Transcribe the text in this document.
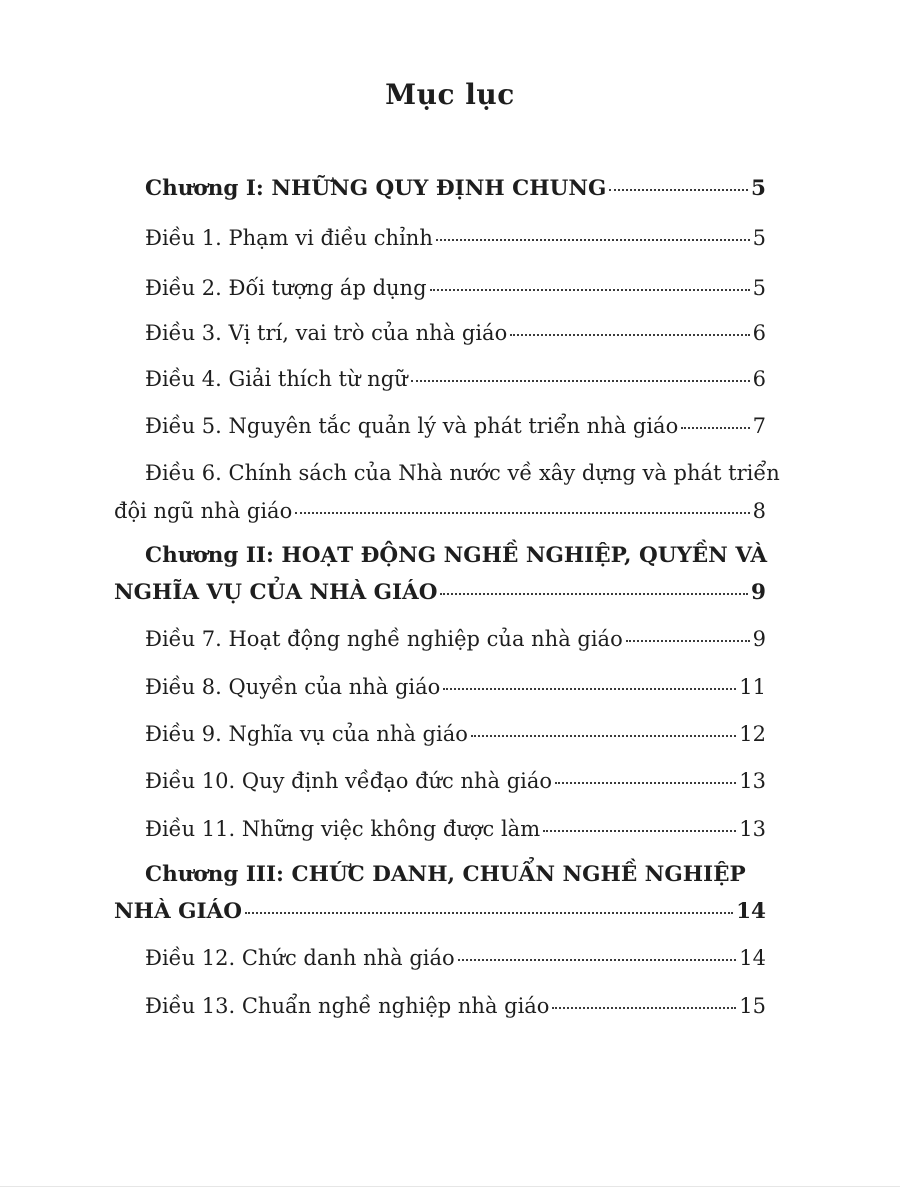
Mục lục
Chương I: NHỮNG QUY ĐỊNH CHUNG	5
Điều 1. Phạm vi điều chỉnh	5
Điều 2. Đối tượng áp dụng	5
Điều 3. Vị trí, vai trò của nhà giáo	6
Điều 4. Giải thích từ ngữ	6
Điều 5. Nguyên tắc quản lý và phát triển nhà giáo	7
Điều 6. Chính sách của Nhà nước về xây dựng và phát triển
đội ngũ nhà giáo	8
Chương II: HOẠT ĐỘNG NGHỀ NGHIỆP, QUYỀN VÀ
NGHĨA VỤ CỦA NHÀ GIÁO	9
Điều 7. Hoạt động nghề nghiệp của nhà giáo	9
Điều 8. Quyền của nhà giáo	11
Điều 9. Nghĩa vụ của nhà giáo	12
Điều 10. Quy định vềđạo đức nhà giáo	13
Điều 11. Những việc không được làm	13
Chương III: CHỨC DANH, CHUẨN NGHỀ NGHIỆP
NHÀ GIÁO	14
Điều 12. Chức danh nhà giáo	14
Điều 13. Chuẩn nghề nghiệp nhà giáo	15
